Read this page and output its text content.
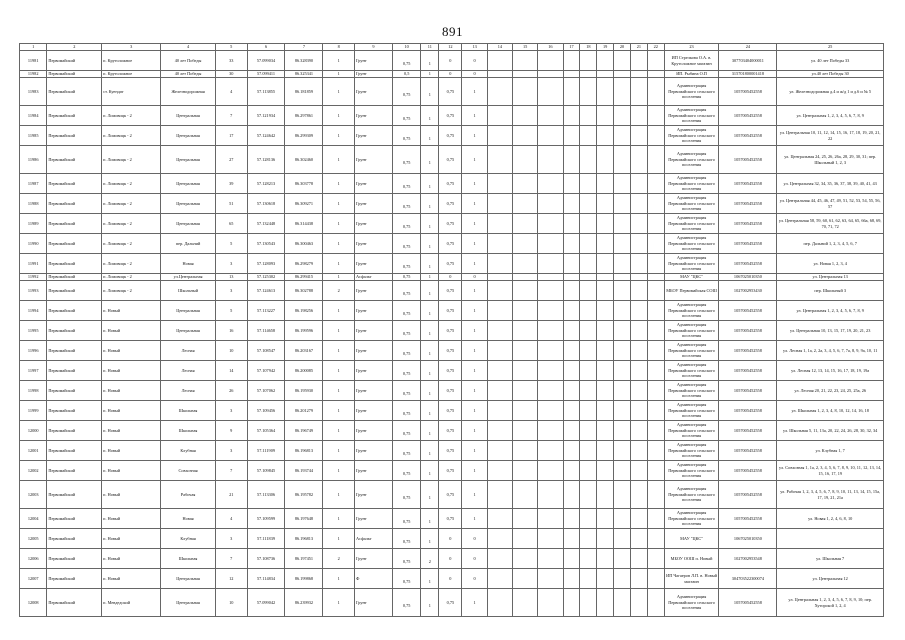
891
1	2	3	4	5	6	7	8	9	10	11	12	13	14	15	16	17	18	19	20	21	22	23	24	25
11981	Первомайский	п. Крутоложное	40 лет Победы	33	57.099034	86.328390	1	Грунт	0,75	1	0	0										ИП Стрелкова О.А. в. Крутоложное магазин	307703404000011	ул. 40 лет Победы 33
11982	Первомайский	п. Крутоложное	40 лет Победы	30	57.099411	86.325341	1	Грунт	0,5	1	0	0										ИП. Рыбина О.П	315701800001418	ул.40 лет Победы 30
11983	Первомайский	ст. Куендат	Железнодорожная	4	57.113855	86.181859	1	Грунт	0,75	1	0,75	1										Администрация Первомайского сельского поселения	1057005452558	ул. Железнодорожная д.4 и ж/д 1 и д.6 и № 5
11984	Первомайский	п. Ломовицк - 2	Центральная	7	57.121934	86.297861	1	Грунт	0,75	1	0,75	1										Администрация Первомайского сельского поселения	1057005452558	ул. Центральная 1, 2, 3, 4, 5, 6, 7, 8, 9
11985	Первомайский	п. Ломовицк - 2	Центральная	17	57.124642	86.299309	1	Грунт	0,75	1	0,75	1										Администрация Первомайского сельского поселения	1057005452558	ул. Центральная 10, 11, 12, 14, 15, 16, 17, 18, 19, 20, 21, 22
11986	Первомайский	п. Ломовицк - 2	Центральная	27	57.128136	86.302460	1	Грунт	0,75	1	0,75	1										Администрация Первомайского сельского поселения	1057005452558	ул. Центральная 24, 25, 26, 26а, 28, 29, 30, 31; пер. Школьный 1, 2, 3
11987	Первомайский	п. Ломовицк - 2	Центральная	39	57.128213	86.303778	1	Грунт	0,75	1	0,75	1										Администрация Первомайского сельского поселения	1057005452558	ул. Центральная 32, 34, 35, 36, 37, 38, 39, 40, 41, 43
11988	Первомайский	п. Ломовицк - 2	Центральная	51	57.130618	86.309271	1	Грунт	0,75	1	0,75	1										Администрация Первомайского сельского поселения	1057005452558	ул. Центральная 44, 45, 46, 47, 49, 51, 52, 53, 54, 55, 56, 57
11989	Первомайский	п. Ломовицк - 2	Центральная	65	57.132448	86.314438	1	Грунт	0,75	1	0,75	1										Администрация Первомайского сельского поселения	1057005452558	ул. Центральная 58, 59, 60, 61, 62, 63, 64, 65, 66а, 68, 69, 70, 71, 72
11990	Первомайский	п. Ломовицк - 2	пер. Дальний	5	57.130543	86.300463	1	Грунт	0,75	1	0,75	1										Администрация Первомайского сельского поселения	1057005452558	пер. Дальний 1, 2, 3, 4, 5, 6, 7
11991	Первомайский	п. Ломовицк - 2	Новая	3	57.128093	86.298279	1	Грунт	0,75	1	0,75	1										Администрация Первомайского сельского поселения	1057005452558	ул. Новая 1, 2, 3, 4
11992	Первомайский	п. Ломовицк - 2	ул.Центральная	13	57.125302	86.299415	1	Асфальт	0,75	1	0	0										МАУ "ЦКС"	1067025010350	ул. Центральная 13
11993	Первомайский	п. Ломовицк - 2	Школьный	3	57.124613	86.302788	2	Грунт	0,75	1	0,75	1										МБОУ Первомайская СОШ	1027002953430	пер. Школьный 3
11994	Первомайский	п. Новый	Центральная	5	57.113227	86.198256	1	Грунт	0,75	1	0,75	1										Администрация Первомайского сельского поселения	1057005452558	ул. Центральная 1, 2, 3, 4, 5, 6, 7, 8, 9
11995	Первомайский	п. Новый	Центральная	16	57.114658	86.199596	1	Грунт	0,75	1	0,75	1										Администрация Первомайского сельского поселения	1057005452558	ул. Центральная 10, 13, 15, 17, 19, 20, 21, 23
11996	Первомайский	п. Новый	Лесная	10	57.108547	86.203167	1	Грунт	0,75	1	0,75	1										Администрация Первомайского сельского поселения	1057005452558	ул. Лесная 1, 1а, 2, 2а, 3, 4, 5, 6, 7, 7а, 8, 9, 9а, 10, 11
11997	Первомайский	п. Новый	Лесная	14	57.107942	86.200085	1	Грунт	0,75	1	0,75	1										Администрация Первомайского сельского поселения	1057005452558	ул. Лесная 12, 13, 14, 15, 16, 17, 18, 19, 19а
11998	Первомайский	п. Новый	Лесная	26	57.107062	86.195930	1	Грунт	0,75	1	0,75	1										Администрация Первомайского сельского поселения	1057005452558	ул. Лесная 20, 21, 22, 23, 24, 25, 25а, 26
11999	Первомайский	п. Новый	Школьная	3	57.109456	86.201279	1	Грунт	0,75	1	0,75	1										Администрация Первомайского сельского поселения	1057005452558	ул. Школьная 1, 2, 3, 4, 8, 10, 12, 14, 16, 18
12000	Первомайский	п. Новый	Школьная	9	57.105364	86.196749	1	Грунт	0,75	1	0,75	1										Администрация Первомайского сельского поселения	1057005452558	ул. Школьная 5, 11, 13а, 20, 22, 24, 26, 28, 30, 32, 34
12001	Первомайский	п. Новый	Клубная	3	57.111909	86.196813	1	Грунт	0,75	1	0,75	1										Администрация Первомайского сельского поселения	1057005452558	ул. Клубная 1, 7
12002	Первомайский	п. Новый	Совхозная	7	57.109845	86.193744	1	Грунт	0,75	1	0,75	1										Администрация Первомайского сельского поселения	1057005452558	ул. Совхозная 1, 1а, 2, 3, 4, 5, 6, 7, 8, 9, 10, 11, 12, 13, 14, 15, 16, 17, 19
12003	Первомайский	п. Новый	Рабочая	21	57.113306	86.195782	1	Грунт	0,75	1	0,75	1										Администрация Первомайского сельского поселения	1057005452558	ул. Рабочая 1, 2, 3, 4, 5, 6, 7, 8, 9, 10, 11, 13, 14, 15, 15а, 17, 19, 21, 21а
12004	Первомайский	п. Новый	Новая	4	57.109599	86.197648	1	Грунт	0,75	1	0,75	1										Администрация Первомайского сельского поселения	1057005452558	ул. Новая 1, 2, 4, 6, 8, 10
12005	Первомайский	п. Новый	Клубная	3	57.111839	86.196813	1	Асфальт	0,75	1	0	0										МАУ "ЦКС"	1067025010350	
12006	Первомайский	п. Новый	Школьная	7	57.108736	86.197451	2	Грунт	0,75	2	0	0										МБОУ ООШ п. Новый	1027002953548	ул. Школьная 7
12007	Первомайский	п. Новый	Центральная	12	57.114834	86.199868	1	Ф	0,75	1	0	0										ИП Чагаеров Л.П. в. Новый магазин	304703522300074	ул. Центральная 12
12008	Первомайский	п. Мевдедский	Центральная	10	57.099042	86.239932	1	Грунт	0,75	1	0,75	1										Администрация Первомайского сельского поселения	1057005452558	ул. Центральная 1, 2, 3, 4, 5, 6, 7, 8, 9, 10; пер. Хуторской 1, 2, 4
